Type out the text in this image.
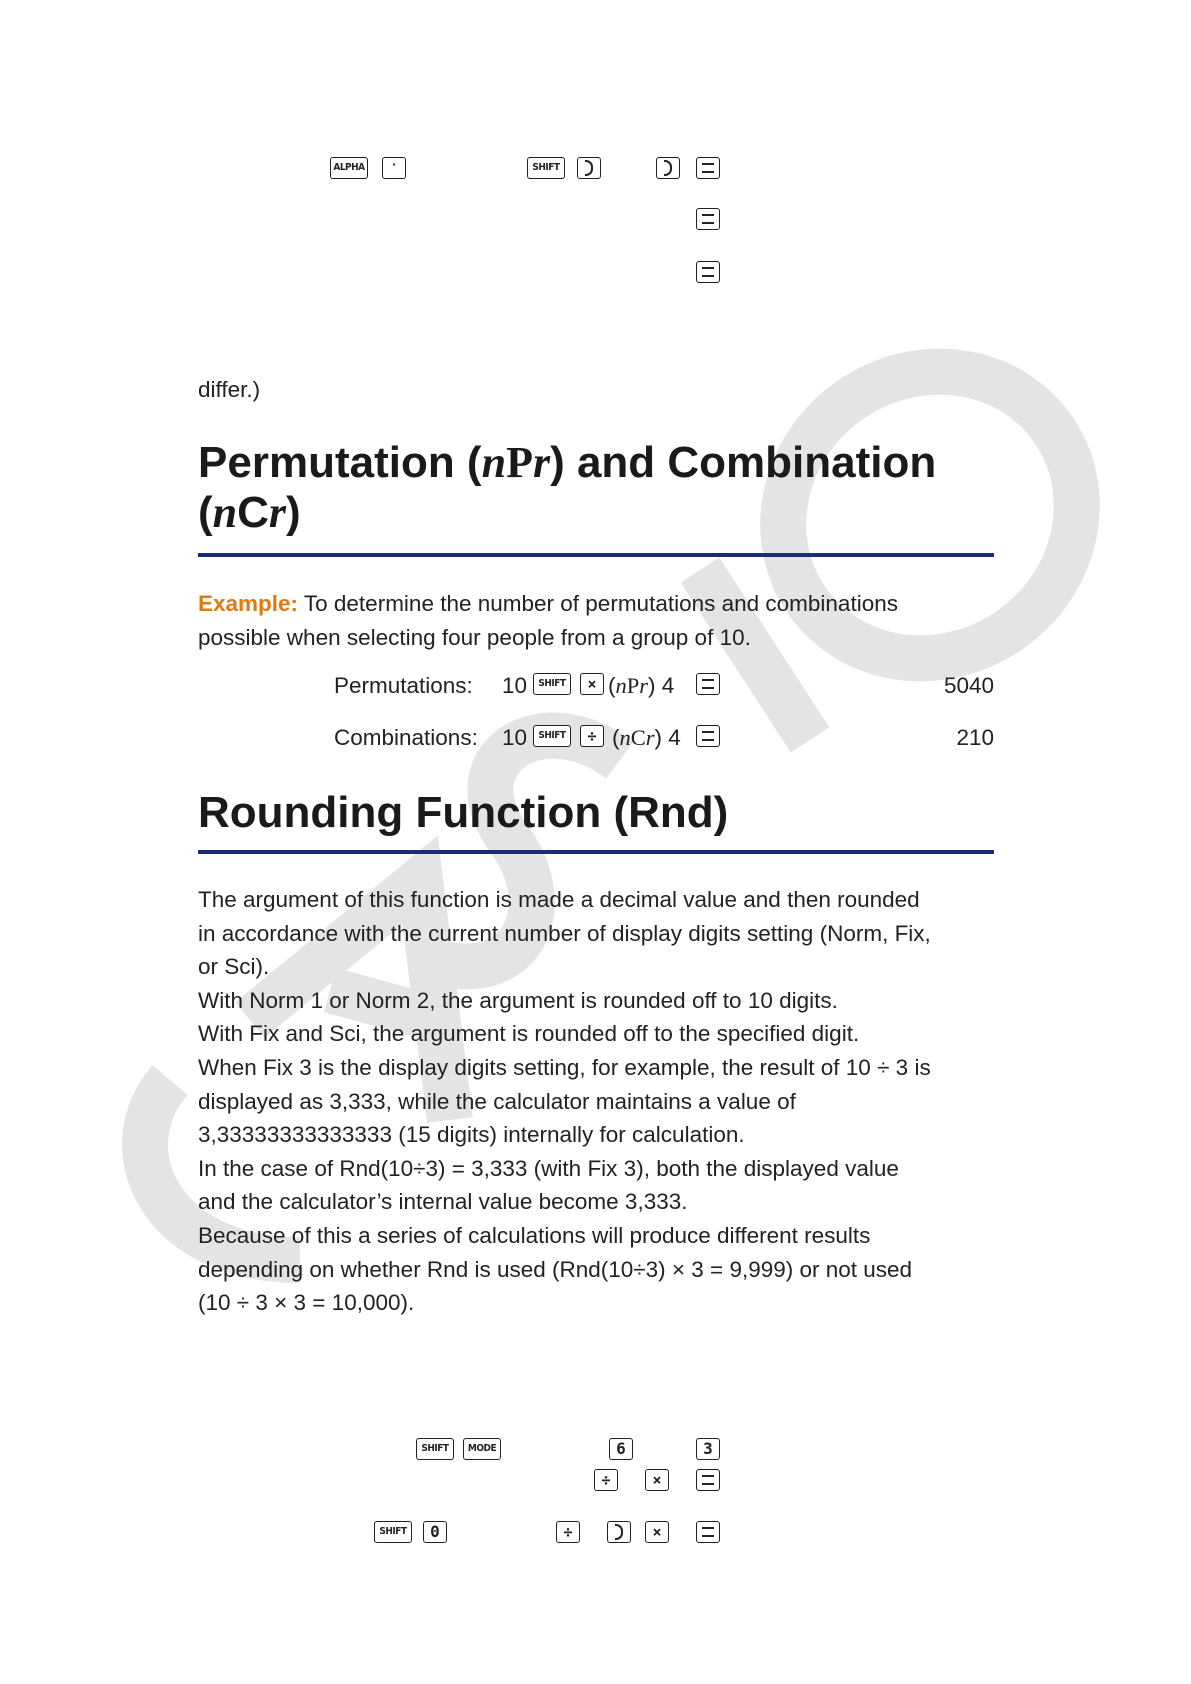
ALPHA
❜	SHIFT
differ.)
Permutation (nPr) and Combination
(nCr)
Example: To determine the number of permutations and combinations possible when selecting four people from a group of 10.
Permutations: 10	SHIFT	× (nPr) 4	5040
Combinations: 10	SHIFT	÷ (nCr) 4	210
Rounding Function (Rnd)
The argument of this function is made a decimal value and then rounded
in accordance with the current number of display digits setting (Norm, Fix,
or Sci).
With Norm 1 or Norm 2, the argument is rounded off to 10 digits.
With Fix and Sci, the argument is rounded off to the specified digit.
When Fix 3 is the display digits setting, for example, the result of 10 ÷ 3 is
displayed as 3,333, while the calculator maintains a value of
3,33333333333333 (15 digits) internally for calculation.
In the case of Rnd(10÷3) = 3,333 (with Fix 3), both the displayed value
and the calculator’s internal value become 3,333.
Because of this a series of calculations will produce different results
depending on whether Rnd is used (Rnd(10÷3) × 3 = 9,999) or not used
(10 ÷ 3 × 3 = 10,000).
SHIFT	MODE	6	3
÷	×
SHIFT	0	÷	×
